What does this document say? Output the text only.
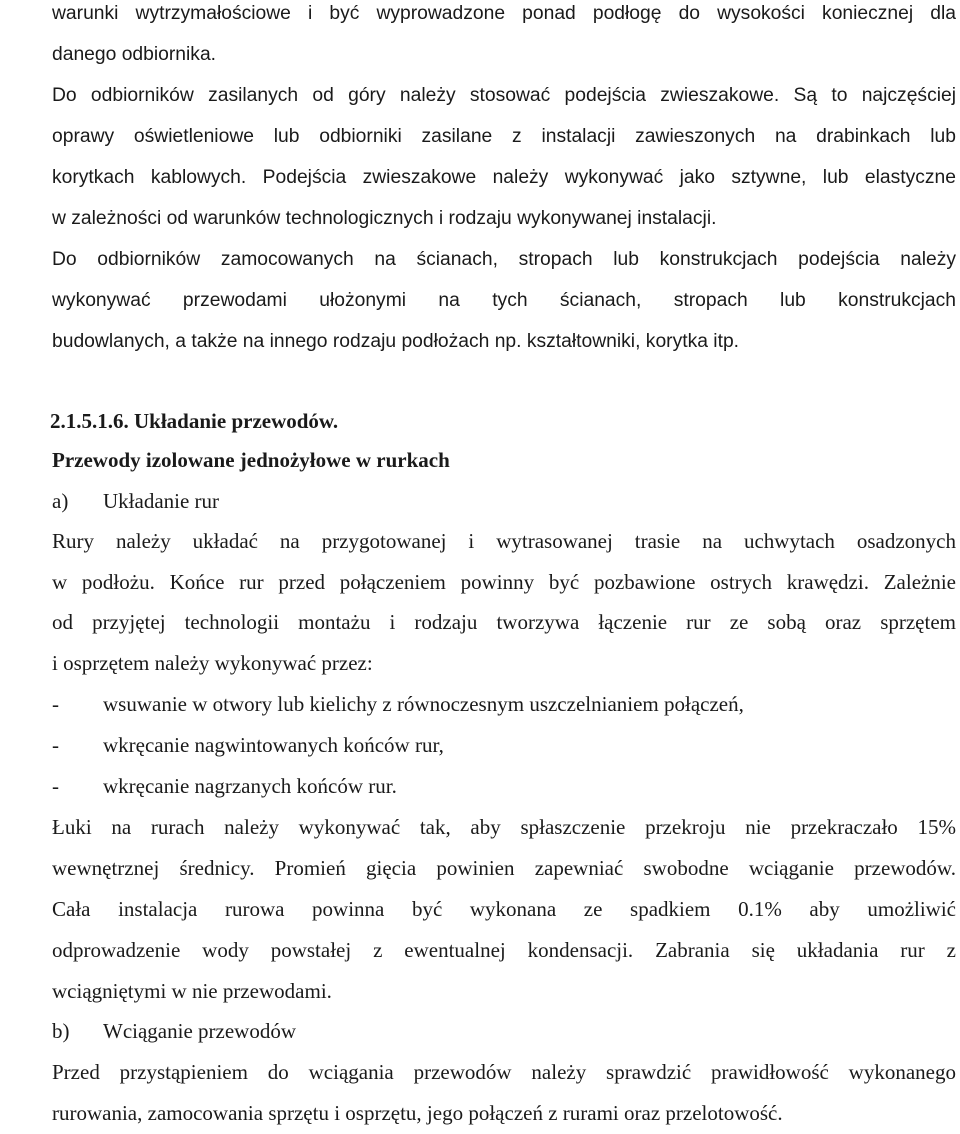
warunki wytrzymałościowe i być wyprowadzone ponad podłogę do wysokości koniecznej dla
danego odbiornika.
Do odbiorników zasilanych od góry należy stosować podejścia zwieszakowe. Są to najczęściej
oprawy oświetleniowe lub odbiorniki zasilane z instalacji zawieszonych na drabinkach lub
korytkach kablowych. Podejścia zwieszakowe należy wykonywać jako sztywne, lub elastyczne
w zależności od warunków technologicznych i rodzaju wykonywanej instalacji.
Do odbiorników zamocowanych na ścianach, stropach lub konstrukcjach podejścia należy
wykonywać przewodami ułożonymi na tych ścianach, stropach lub konstrukcjach
budowlanych, a także na innego rodzaju podłożach np. kształtowniki, korytka itp.
2.1.5.1.6. Układanie przewodów.
Przewody izolowane jednożyłowe w rurkach
a) Układanie rur
Rury należy układać na przygotowanej i wytrasowanej trasie na uchwytach osadzonych
w podłożu. Końce rur przed połączeniem powinny być pozbawione ostrych krawędzi. Zależnie
od przyjętej technologii montażu i rodzaju tworzywa łączenie rur ze sobą oraz sprzętem
i osprzętem należy wykonywać przez:
- wsuwanie w otwory lub kielichy z równoczesnym uszczelnianiem połączeń,
- wkręcanie nagwintowanych końców rur,
- wkręcanie nagrzanych końców rur.
Łuki na rurach należy wykonywać tak, aby spłaszczenie przekroju nie przekraczało 15%
wewnętrznej średnicy. Promień gięcia powinien zapewniać swobodne wciąganie przewodów.
Cała instalacja rurowa powinna być wykonana ze spadkiem 0.1% aby umożliwić
odprowadzenie wody powstałej z ewentualnej kondensacji. Zabrania się układania rur z
wciągniętymi w nie przewodami.
b) Wciąganie przewodów
Przed przystąpieniem do wciągania przewodów należy sprawdzić prawidłowość wykonanego
rurowania, zamocowania sprzętu i osprzętu, jego połączeń z rurami oraz przelotowość.
